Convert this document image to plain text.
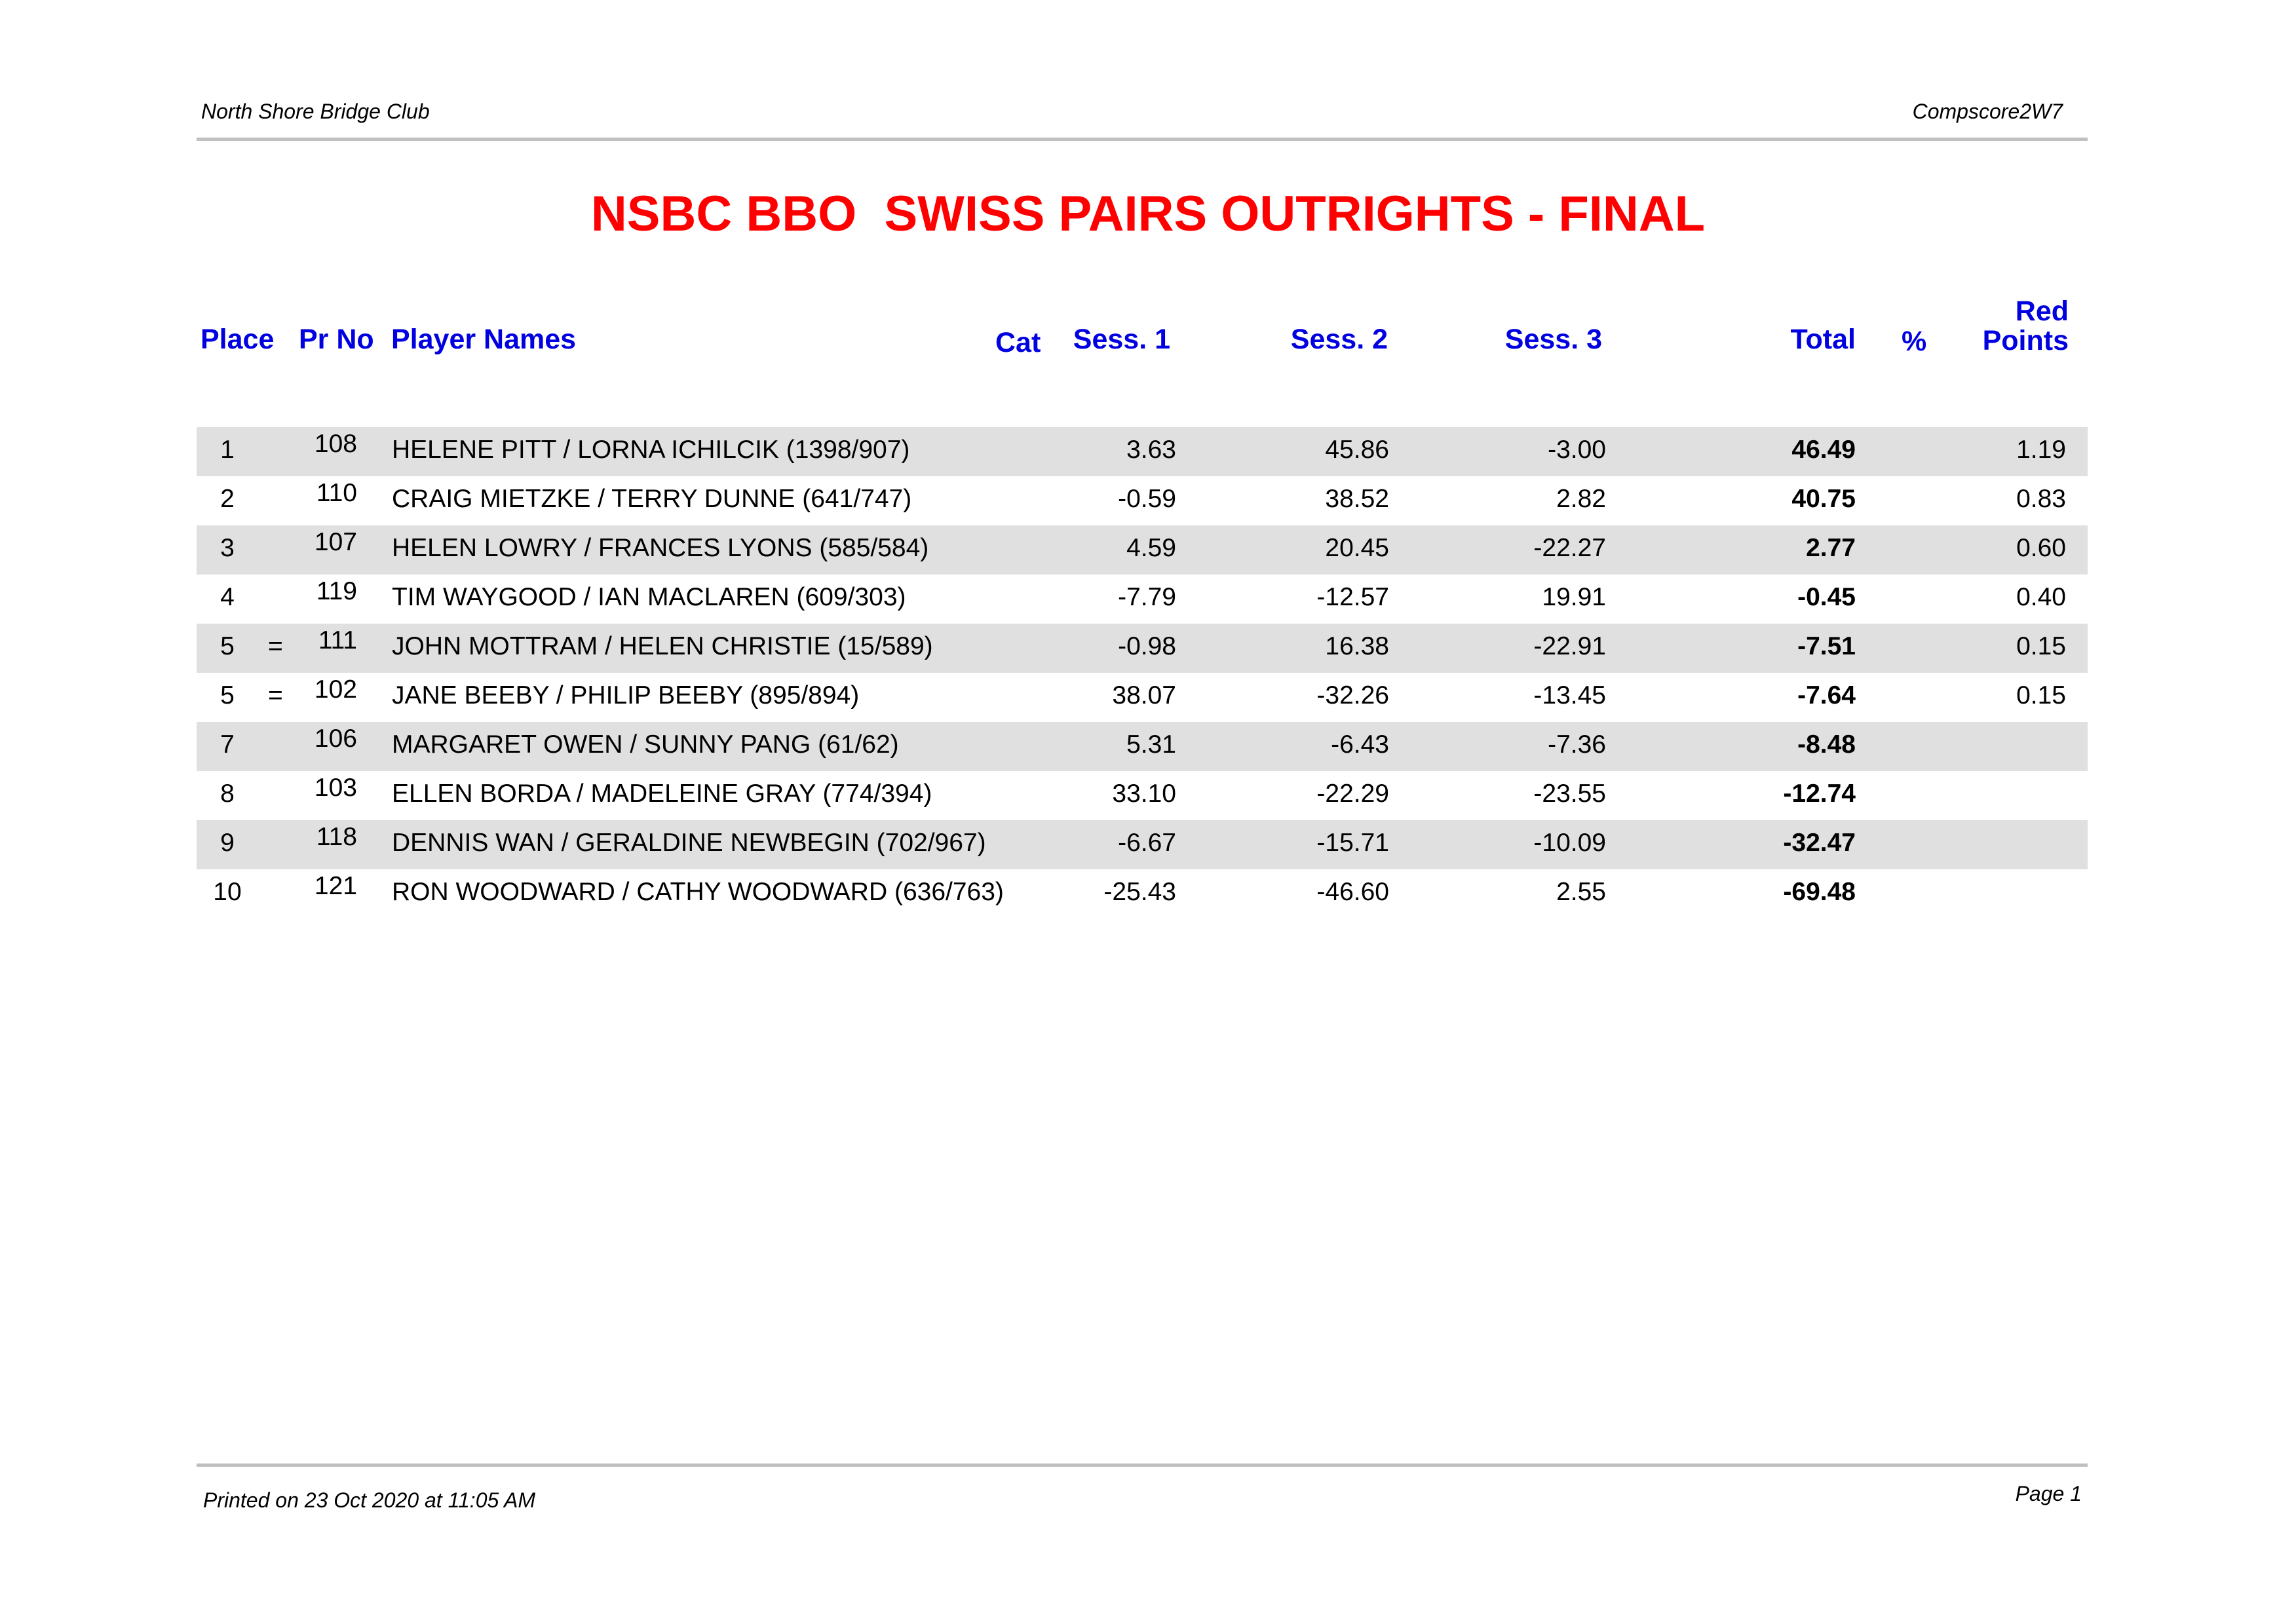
North Shore Bridge Club	Compscore2W7
NSBC BBO  SWISS PAIRS OUTRIGHTS - FINAL
Place Pr No Player Names	Cat	Sess. 1	Sess. 2	Sess. 3	Total %
Red
Points
1	108 HELENE PITT / LORNA ICHILCIK (1398/907)	3.63	45.86	-3.00	46.49	1.19
2	110 CRAIG MIETZKE / TERRY DUNNE (641/747)	-0.59	38.52	2.82	40.75	0.83
3	107 HELEN LOWRY / FRANCES LYONS (585/584)	4.59	20.45	-22.27	2.77	0.60
4	119 TIM WAYGOOD / IAN MACLAREN (609/303)	-7.79	-12.57	19.91	-0.45	0.40
5	=	111 JOHN MOTTRAM / HELEN CHRISTIE (15/589)	-0.98	16.38	-22.91	-7.51	0.15
5	=	102 JANE BEEBY / PHILIP BEEBY (895/894)	38.07	-32.26	-13.45	-7.64	0.15
7	106 MARGARET OWEN / SUNNY PANG (61/62)	5.31	-6.43	-7.36	-8.48
8	103 ELLEN BORDA / MADELEINE GRAY (774/394)	33.10	-22.29	-23.55	-12.74
9	118 DENNIS WAN / GERALDINE NEWBEGIN (702/967)	-6.67	-15.71	-10.09	-32.47
10	121 RON WOODWARD / CATHY WOODWARD (636/763)	-25.43	-46.60	2.55	-69.48
Printed on 23 Oct 2020 at 11:05 AM	Page 1
